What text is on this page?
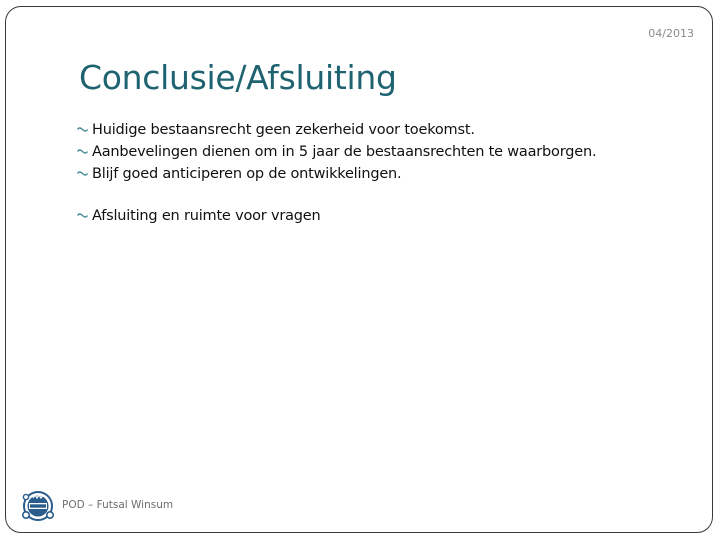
04/2013
Conclusie/Afsluiting
Huidige bestaansrecht geen zekerheid voor toekomst.
Aanbevelingen dienen om in 5 jaar de bestaansrechten te waarborgen.
Blijf goed anticiperen op de ontwikkelingen.
Afsluiting en ruimte voor vragen
POD – Futsal Winsum
